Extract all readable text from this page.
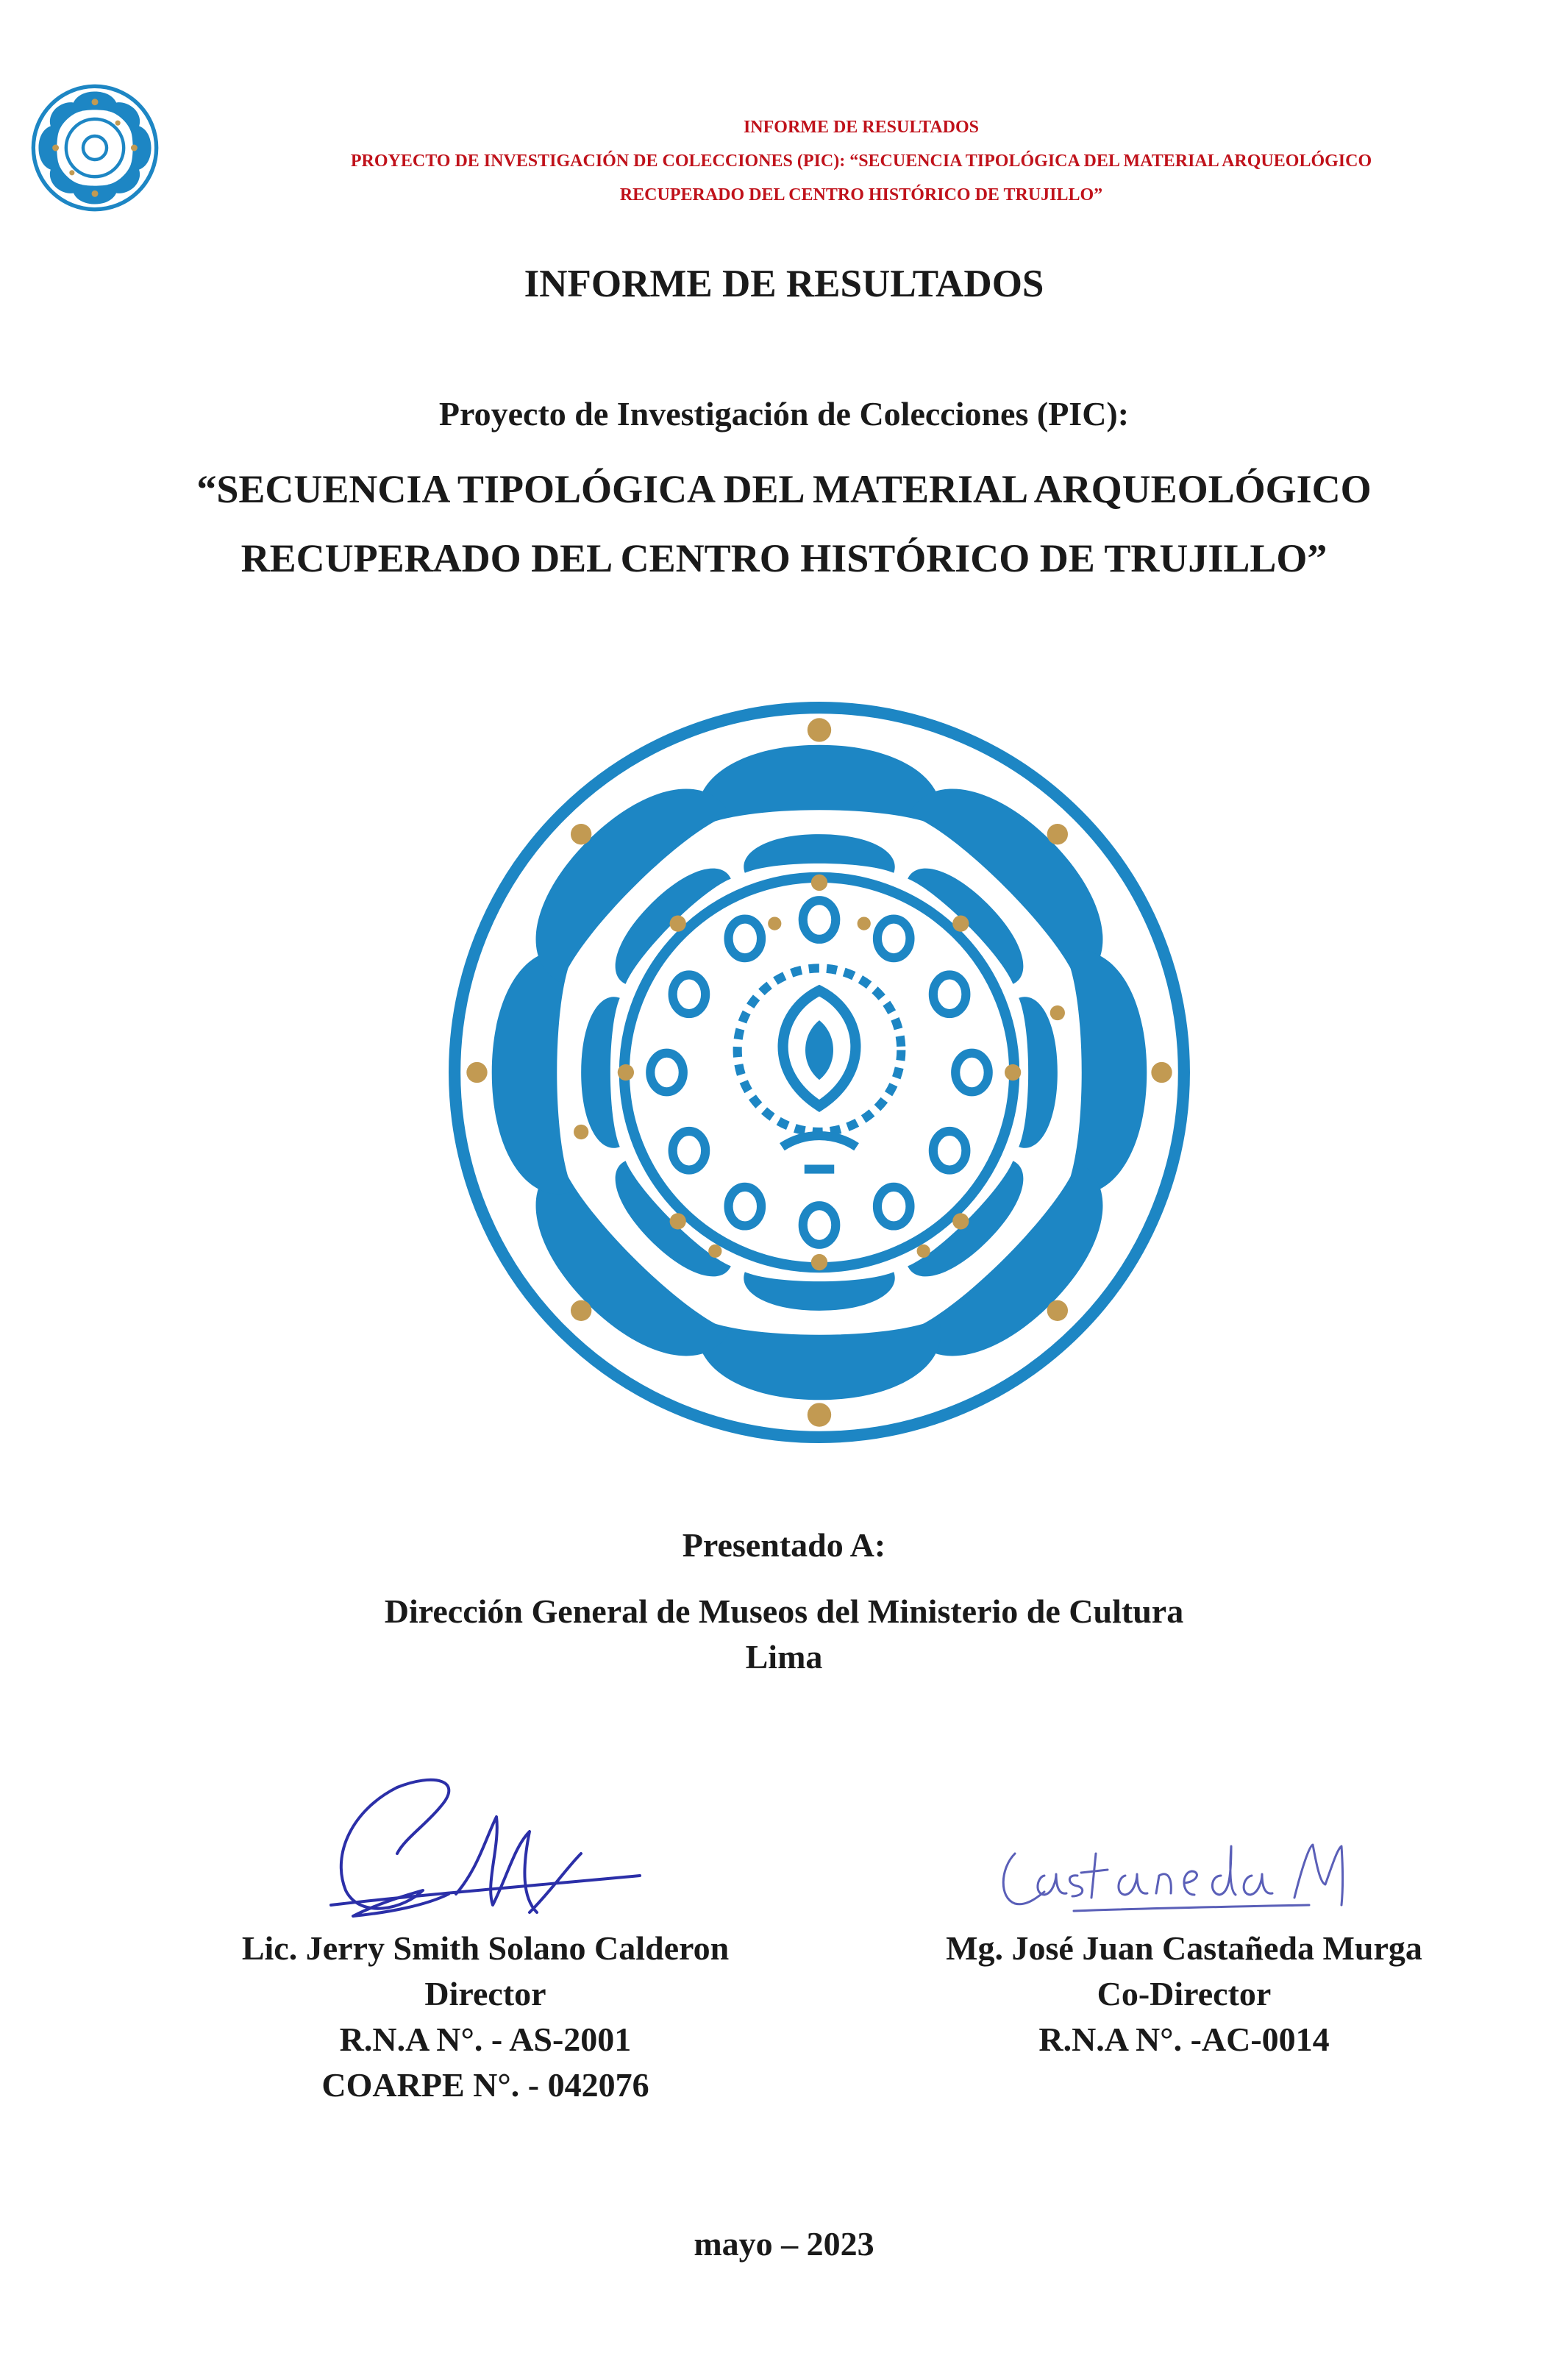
INFORME DE RESULTADOS
PROYECTO DE INVESTIGACIÓN DE COLECCIONES (PIC): “SECUENCIA TIPOLÓGICA DEL MATERIAL ARQUEOLÓGICO
RECUPERADO DEL CENTRO HISTÓRICO DE TRUJILLO”
INFORME DE RESULTADOS
Proyecto de Investigación de Colecciones (PIC):
“SECUENCIA TIPOLÓGICA DEL MATERIAL ARQUEOLÓGICO
RECUPERADO DEL CENTRO HISTÓRICO DE TRUJILLO”
Presentado A:
Dirección General de Museos del Ministerio de Cultura
Lima
Lic. Jerry Smith Solano Calderon
Director
R.N.A N°. - AS-2001
COARPE N°. - 042076
Mg. José Juan Castañeda Murga
Co-Director
R.N.A N°. -AC-0014
mayo – 2023
